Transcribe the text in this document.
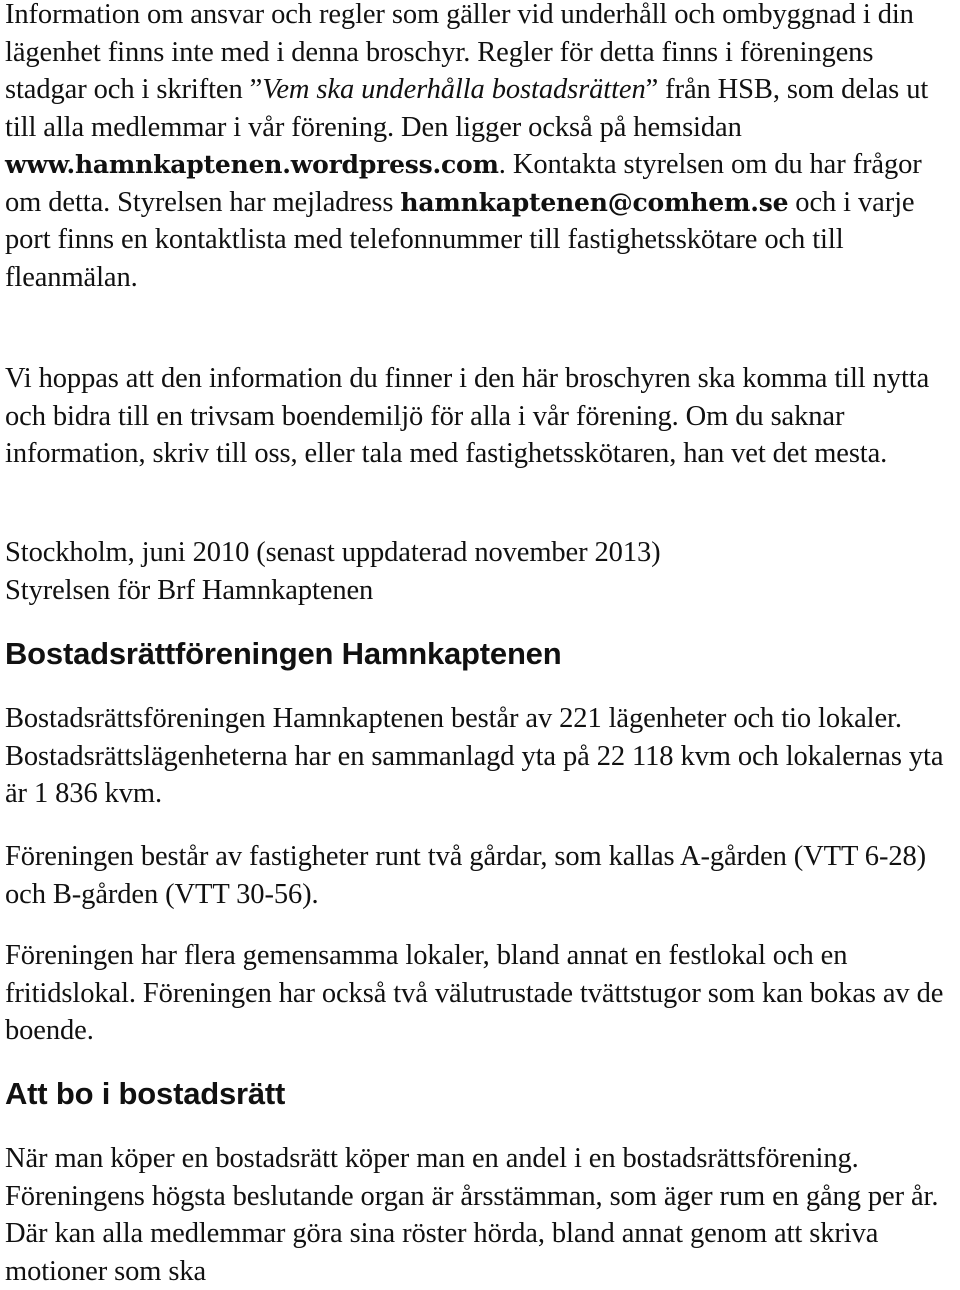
Information om ansvar och regler som gäller vid underhåll och ombyggnad i din lägenhet finns inte med i denna broschyr. Regler för detta finns i föreningens stadgar och i skriften ”Vem ska underhålla bostadsrätten” från HSB, som delas ut till alla medlemmar i vår förening. Den ligger också på hemsidan www.hamnkaptenen.wordpress.com. Kontakta styrelsen om du har frågor om detta. Styrelsen har mejladress hamnkaptenen@comhem.se och i varje port finns en kontaktlista med telefonnummer till fastighetsskötare och till fleanmälan.

Vi hoppas att den information du finner i den här broschyren ska komma till nytta och bidra till en trivsam boendemiljö för alla i vår förening. Om du saknar information, skriv till oss, eller tala med fastighetsskötaren, han vet det mesta.

Stockholm, juni 2010 (senast uppdaterad november 2013)
Styrelsen för Brf Hamnkaptenen

Bostadsrättföreningen Hamnkaptenen

Bostadsrättsföreningen Hamnkaptenen består av 221 lägenheter och tio lokaler. Bostadsrättslägenheterna har en sammanlagd yta på 22 118 kvm och lokalernas yta är 1 836 kvm.

Föreningen består av fastigheter runt två gårdar, som kallas A-gården (VTT 6-28) och B-gården (VTT 30-56).

Föreningen har flera gemensamma lokaler, bland annat en festlokal och en fritidslokal. Föreningen har också två välutrustade tvättstugor som kan bokas av de boende.

Att bo i bostadsrätt

När man köper en bostadsrätt köper man en andel i en bostadsrättsförening. Föreningens högsta beslutande organ är årsstämman, som äger rum en gång per år. Där kan alla medlemmar göra sina röster hörda, bland annat genom att skriva motioner som ska
